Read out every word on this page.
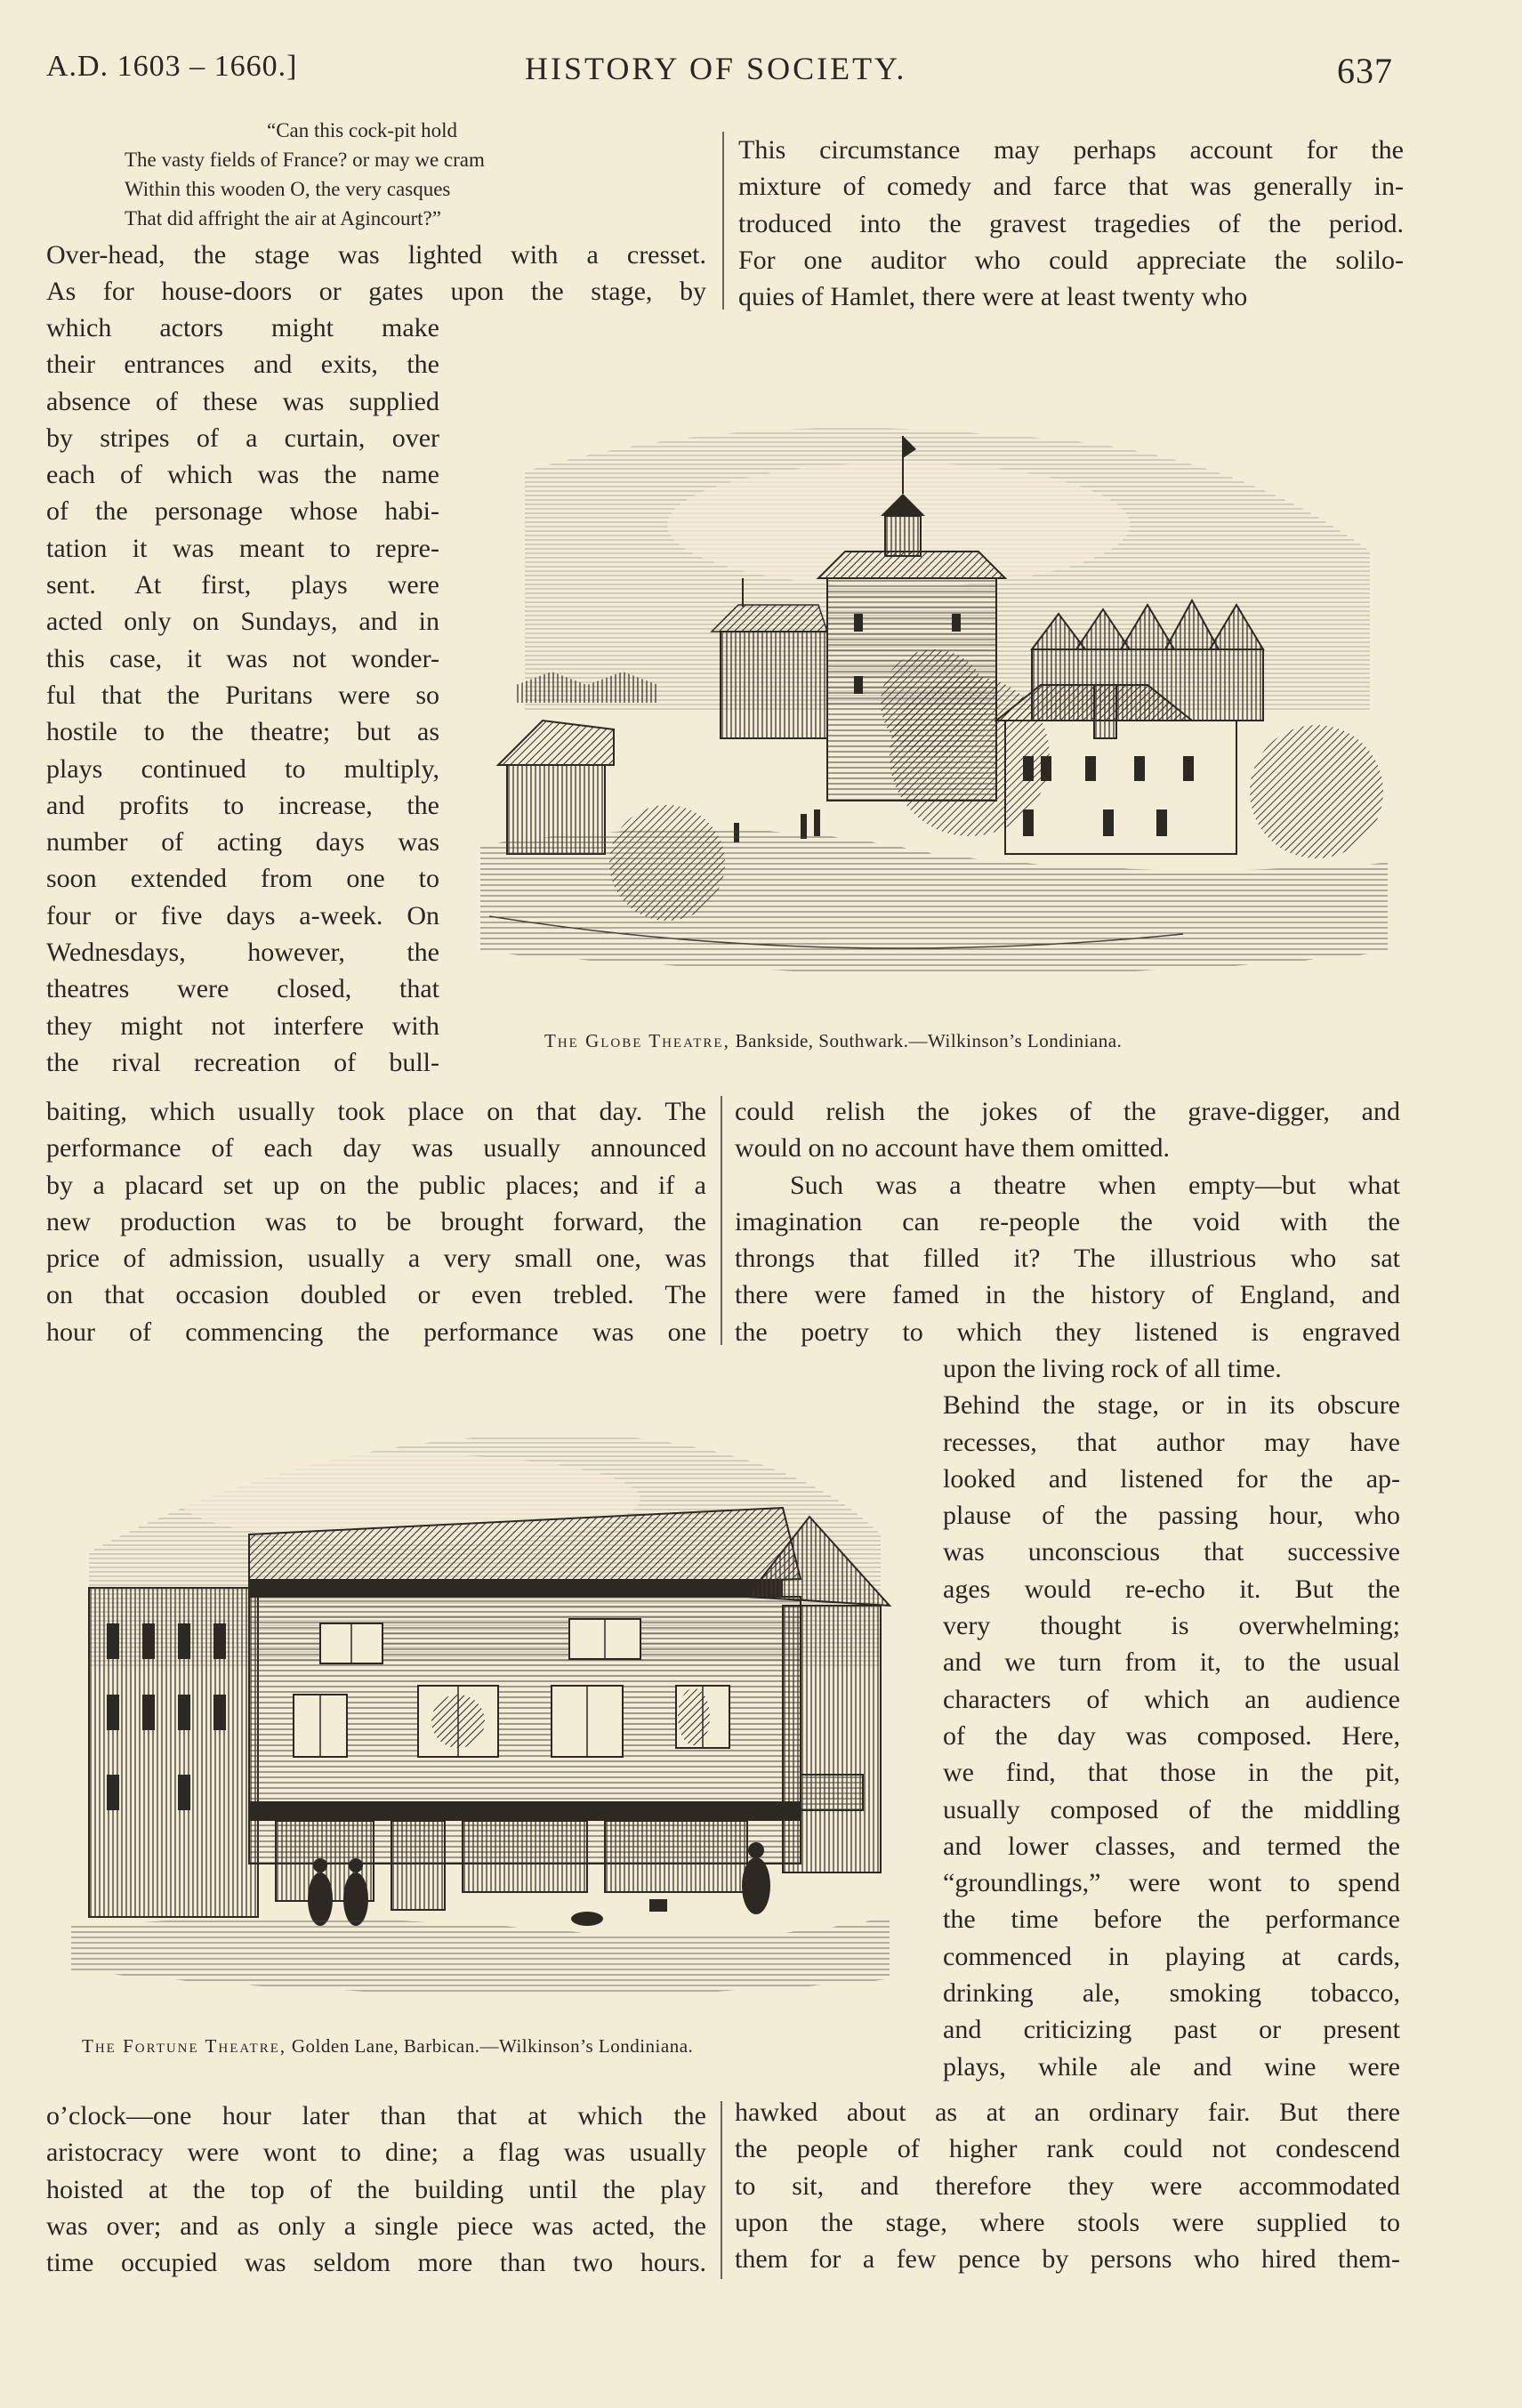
A.D. 1603 – 1660.]	HISTORY OF SOCIETY.	637
“Can this cock-pit hold
The vasty fields of France? or may we cram
Within this wooden O, the very casques
That did affright the air at Agincourt?”
Over-head, the stage was lighted with a cresset.
As for house-doors or gates upon the stage, by
This circumstance may perhaps account for the
mixture of comedy and farce that was generally in-
troduced into the gravest tragedies of the period.
For one auditor who could appreciate the solilo-
quies of Hamlet, there were at least twenty who
which actors might make
their entrances and exits, the
absence of these was supplied
by stripes of a curtain, over
each of which was the name
of the personage whose habi-
tation it was meant to repre-
sent. At first, plays were
acted only on Sundays, and in
this case, it was not wonder-
ful that the Puritans were so
hostile to the theatre; but as
plays continued to multiply,
and profits to increase, the
number of acting days was
soon extended from one to
four or five days a-week. On
Wednesdays, however, the
theatres were closed, that
they might not interfere with
the rival recreation of bull-
The Globe Theatre, Bankside, Southwark.—Wilkinson’s Londiniana.
baiting, which usually took place on that day. The
performance of each day was usually announced
by a placard set up on the public places; and if a
new production was to be brought forward, the
price of admission, usually a very small one, was
on that occasion doubled or even trebled. The
hour of commencing the performance was one
could relish the jokes of the grave-digger, and
would on no account have them omitted.
Such was a theatre when empty—but what
imagination can re-people the void with the
throngs that filled it? The illustrious who sat
there were famed in the history of England, and
the poetry to which they listened is engraved
upon the living rock of all time.
Behind the stage, or in its obscure
recesses, that author may have
looked and listened for the ap-
plause of the passing hour, who
was unconscious that successive
ages would re-echo it. But the
very thought is overwhelming;
and we turn from it, to the usual
characters of which an audience
of the day was composed. Here,
we find, that those in the pit,
usually composed of the middling
and lower classes, and termed the
“groundlings,” were wont to spend
the time before the performance
commenced in playing at cards,
drinking ale, smoking tobacco,
and criticizing past or present
plays, while ale and wine were
The Fortune Theatre, Golden Lane, Barbican.—Wilkinson’s Londiniana.
o’clock—one hour later than that at which the
aristocracy were wont to dine; a flag was usually
hoisted at the top of the building until the play
was over; and as only a single piece was acted, the
time occupied was seldom more than two hours.
hawked about as at an ordinary fair. But there
the people of higher rank could not condescend
to sit, and therefore they were accommodated
upon the stage, where stools were supplied to
them for a few pence by persons who hired them-
